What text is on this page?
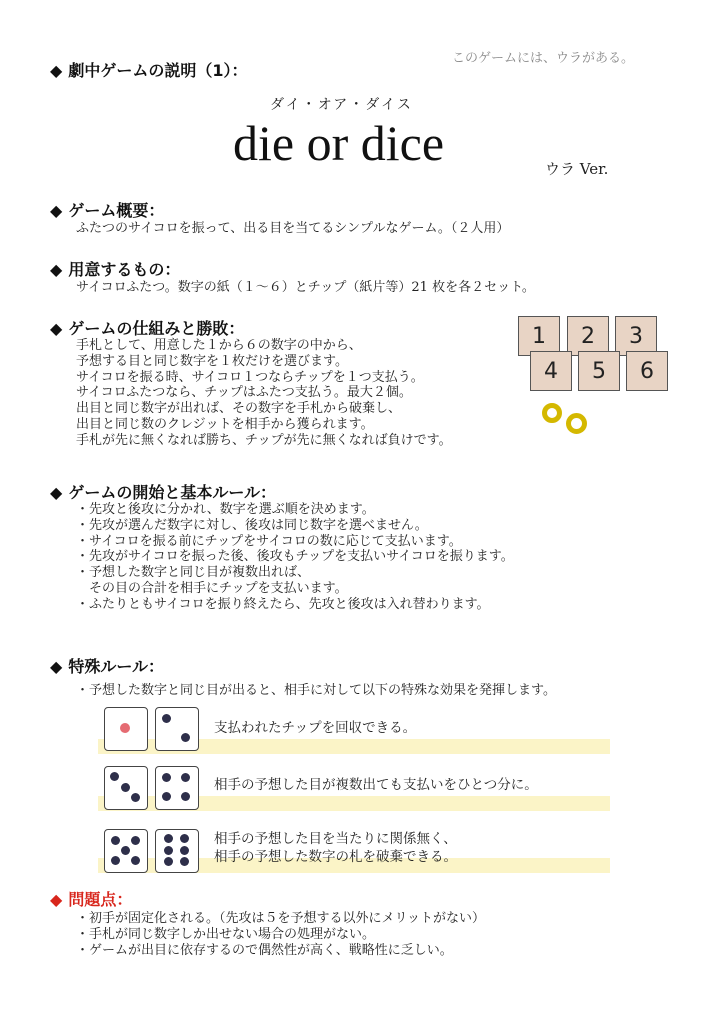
◆ 劇中ゲームの説明（1）：
このゲームには、ウラがある。
ダイ・オア・ダイス
die or dice	ウラ Ver.
◆ ゲーム概要：
ふたつのサイコロを振って、出る目を当てるシンプルなゲーム。（２人用）
◆ 用意するもの：
サイコロふたつ。数字の紙（１〜６）とチップ（紙片等）21 枚を各２セット。
◆ ゲームの仕組みと勝敗：
手札として、用意した１から６の数字の中から、
予想する目と同じ数字を１枚だけを選びます。
サイコロを振る時、サイコロ１つならチップを１つ支払う。
サイコロふたつなら、チップはふたつ支払う。最大２個。
出目と同じ数字が出れば、その数字を手札から破棄し、
出目と同じ数のクレジットを相手から獲られます。
手札が先に無くなれば勝ち、チップが先に無くなれば負けです。
1	2	3
4	5	6
◆ ゲームの開始と基本ルール：
・先攻と後攻に分かれ、数字を選ぶ順を決めます。
・先攻が選んだ数字に対し、後攻は同じ数字を選べません。
・サイコロを振る前にチップをサイコロの数に応じて支払います。
・先攻がサイコロを振った後、後攻もチップを支払いサイコロを振ります。
・予想した数字と同じ目が複数出れば、
　その目の合計を相手にチップを支払います。
・ふたりともサイコロを振り終えたら、先攻と後攻は入れ替わります。
◆ 特殊ルール：
・予想した数字と同じ目が出ると、相手に対して以下の特殊な効果を発揮します。
支払われたチップを回収できる。
相手の予想した目が複数出ても支払いをひとつ分に。
相手の予想した目を当たりに関係無く、
相手の予想した数字の札を破棄できる。
◆ 問題点：
・初手が固定化される。（先攻は５を予想する以外にメリットがない）
・手札が同じ数字しか出せない場合の処理がない。
・ゲームが出目に依存するので偶然性が高く、戦略性に乏しい。
